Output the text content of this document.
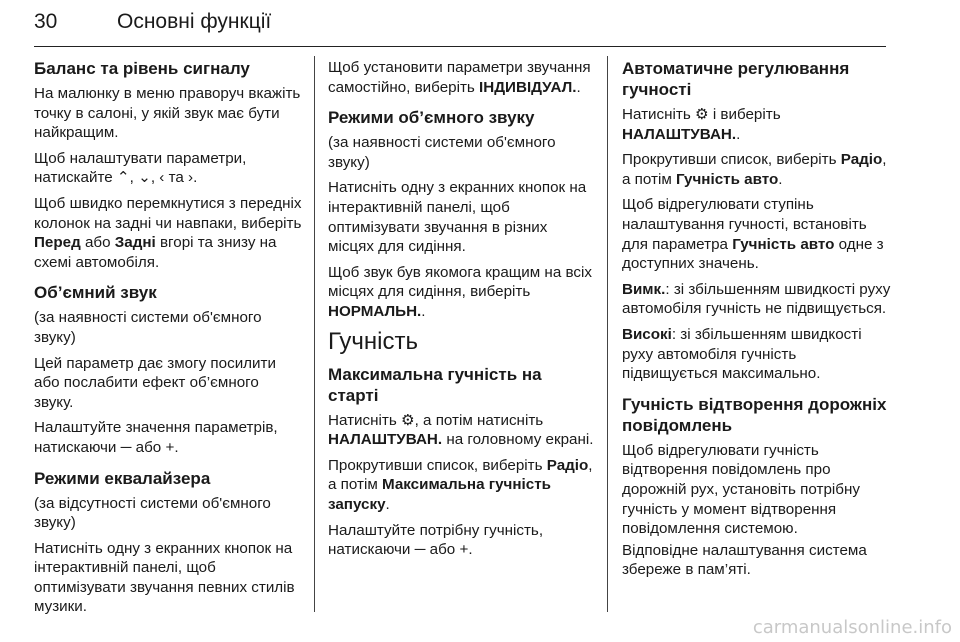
30	Основні функції
Баланс та рівень сигналу

На малюнку в меню праворуч вкажіть точку в салоні, у якій звук має бути найкращим.

Щоб налаштувати параметри, натискайте ⌃, ⌄, ‹ та ›.

Щоб швидко перемкнутися з передніх колонок на задні чи навпаки, виберіть Перед або Задні вгорі та знизу на схемі автомобіля.

Об’ємний звук

(за наявності системи об'ємного звуку)

Цей параметр дає змогу посилити або послабити ефект об’ємного звуку.

Налаштуйте значення параметрів, натискаючи ─ або +.

Режими еквалайзера

(за відсутності системи об'ємного звуку)

Натисніть одну з екранних кнопок на інтерактивній панелі, щоб оптимізувати звучання певних стилів музики.

Щоб установити параметри звучання самостійно, виберіть ІНДИВІДУАЛ..

Режими об’ємного звуку

(за наявності системи об'ємного звуку)

Натисніть одну з екранних кнопок на інтерактивній панелі, щоб оптимізувати звучання в різних місцях для сидіння.

Щоб звук був якомога кращим на всіх місцях для сидіння, виберіть НОРМАЛЬН..

Гучність
Максимальна гучність на старті

Натисніть ⚙, а потім натисніть НАЛАШТУВАН. на головному екрані.

Прокрутивши список, виберіть Радіо, а потім Максимальна гучність запуску.

Налаштуйте потрібну гучність, натискаючи ─ або +.

Автоматичне регулювання гучності

Натисніть ⚙ і виберіть НАЛАШТУВАН..

Прокрутивши список, виберіть Радіо, а потім Гучність авто.

Щоб відрегулювати ступінь налаштування гучності, встановіть для параметра Гучність авто одне з доступних значень.

Вимк.: зі збільшенням швидкості руху автомобіля гучність не підвищується.

Високі: зі збільшенням швидкості руху автомобіля гучність підвищується максимально.

Гучність відтворення дорожніх повідомлень

Щоб відрегулювати гучність відтворення повідомлень про дорожній рух, установіть потрібну гучність у момент відтворення повідомлення системою.

Відповідне налаштування система збереже в пам’яті.

carmanualsonline.info
